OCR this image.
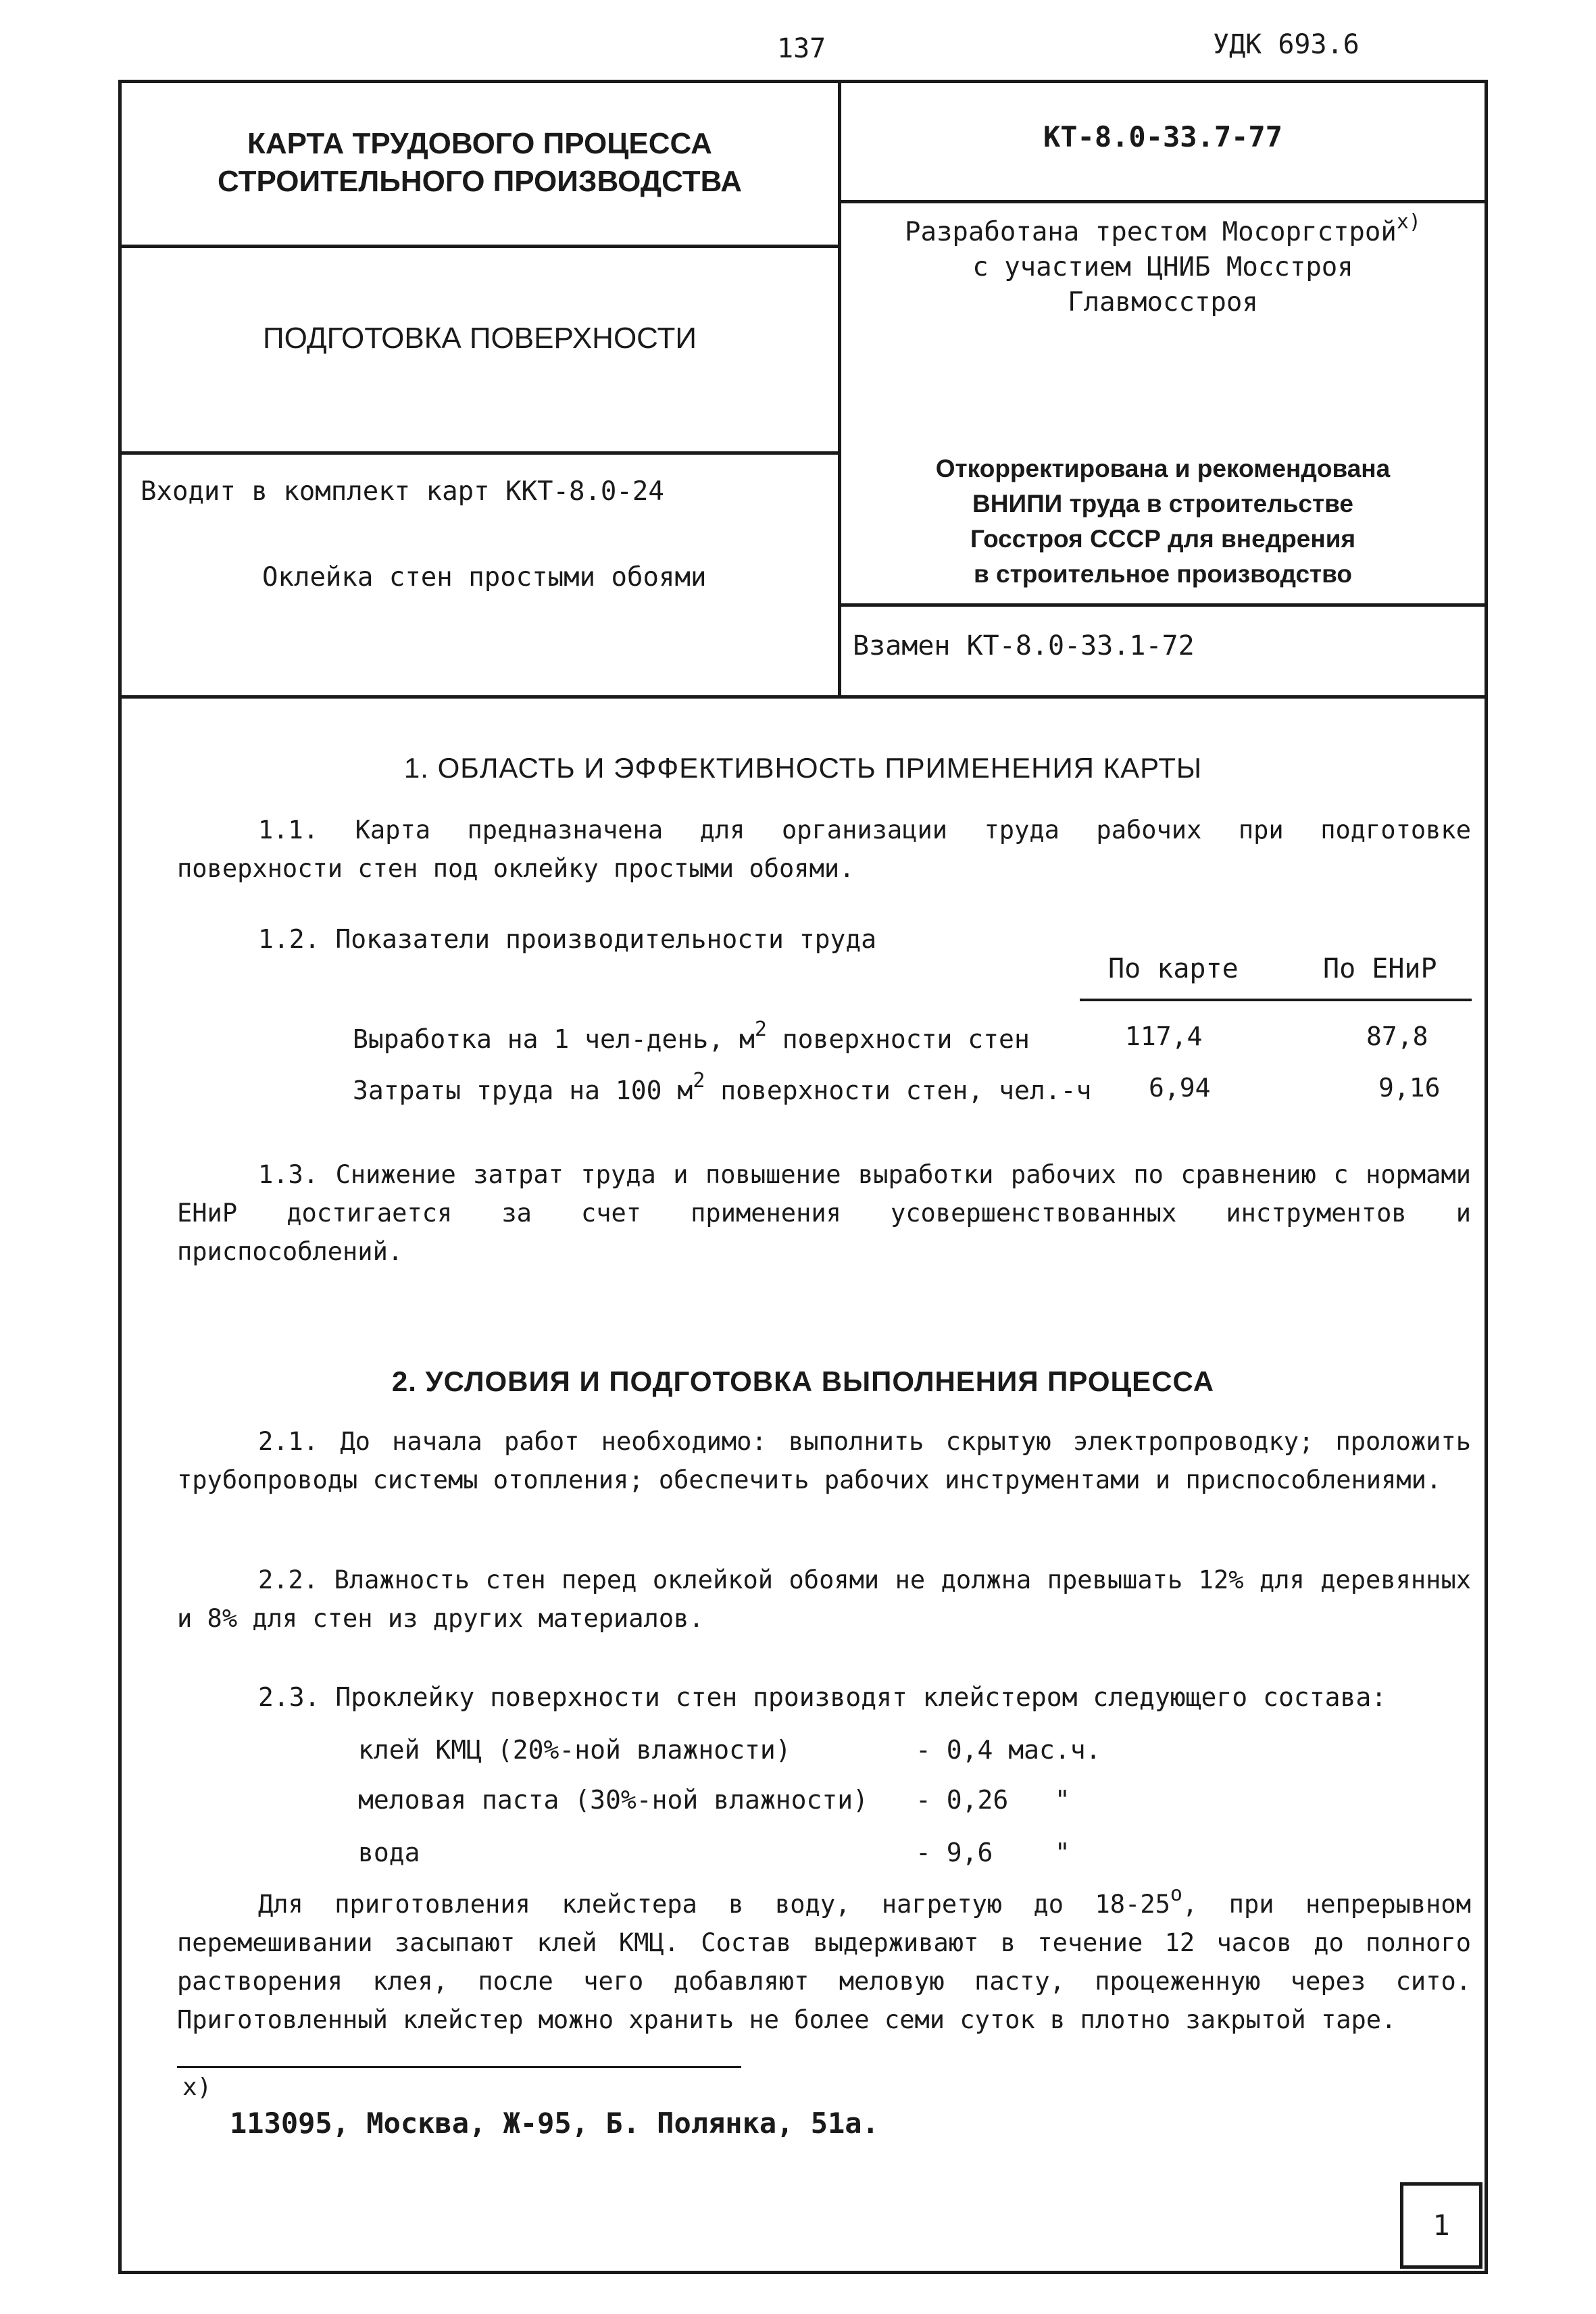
137	УДК 693.6
КАРТА ТРУДОВОГО ПРОЦЕССА
СТРОИТЕЛЬНОГО ПРОИЗВОДСТВА
ПОДГОТОВКА ПОВЕРХНОСТИ
Входит в комплект карт ККТ-8.0-24
Оклейка стен простыми обоями
КТ-8.0-33.7-77
Разработана трестом Мосоргстрой$^{x)}$
с участием ЦНИБ Мосстроя
Главмосстроя
Откорректирована и рекомендована
ВНИПИ труда в строительстве
Госстроя СССР для внедрения
в строительное производство
Взамен КТ-8.0-33.1-72
1. ОБЛАСТЬ И ЭФФЕКТИВНОСТЬ ПРИМЕНЕНИЯ КАРТЫ
1.1. Карта предназначена для организации труда рабочих при подготовке поверхности стен под оклейку простыми обоями.
1.2. Показатели производительности труда
По карте	По ЕНиР
Выработка на 1 чел-день, $м^2$ поверхности стен	117,4	87,8
Затраты труда на 100 $м^2$ поверхности стен, чел.-ч 6,94	9,16
1.3. Снижение затрат труда и повышение выработки рабочих по сравнению с нормами ЕНиР достигается за счет применения усовершенствованных инструментов и приспособлений.
2. УСЛОВИЯ И ПОДГОТОВКА ВЫПОЛНЕНИЯ ПРОЦЕССА
2.1. До начала работ необходимо: выполнить скрытую электропроводку; проложить трубопроводы системы отопления; обеспечить рабочих инструментами и приспособлениями.
2.2. Влажность стен перед оклейкой обоями не должна превышать 12% для деревянных и 8% для стен из других материалов.
2.3. Проклейку поверхности стен производят клейстером следующего состава:
клей КМЦ (20%-ной влажности)	- 0,4 мас.ч.
меловая паста (30%-ной влажности) - 0,26   "
вода	- 9,6    "
Для приготовления клейстера в воду, нагретую до $18-25^о$, при непрерывном перемешивании засыпают клей КМЦ. Состав выдерживают в течение 12 часов до полного растворения клея, после чего добавляют меловую пасту, процеженную через сито. Приготовленный клейстер можно хранить не более семи суток в плотно закрытой таре.
x)
113095, Москва, Ж-95, Б. Полянка, 51а.
1
